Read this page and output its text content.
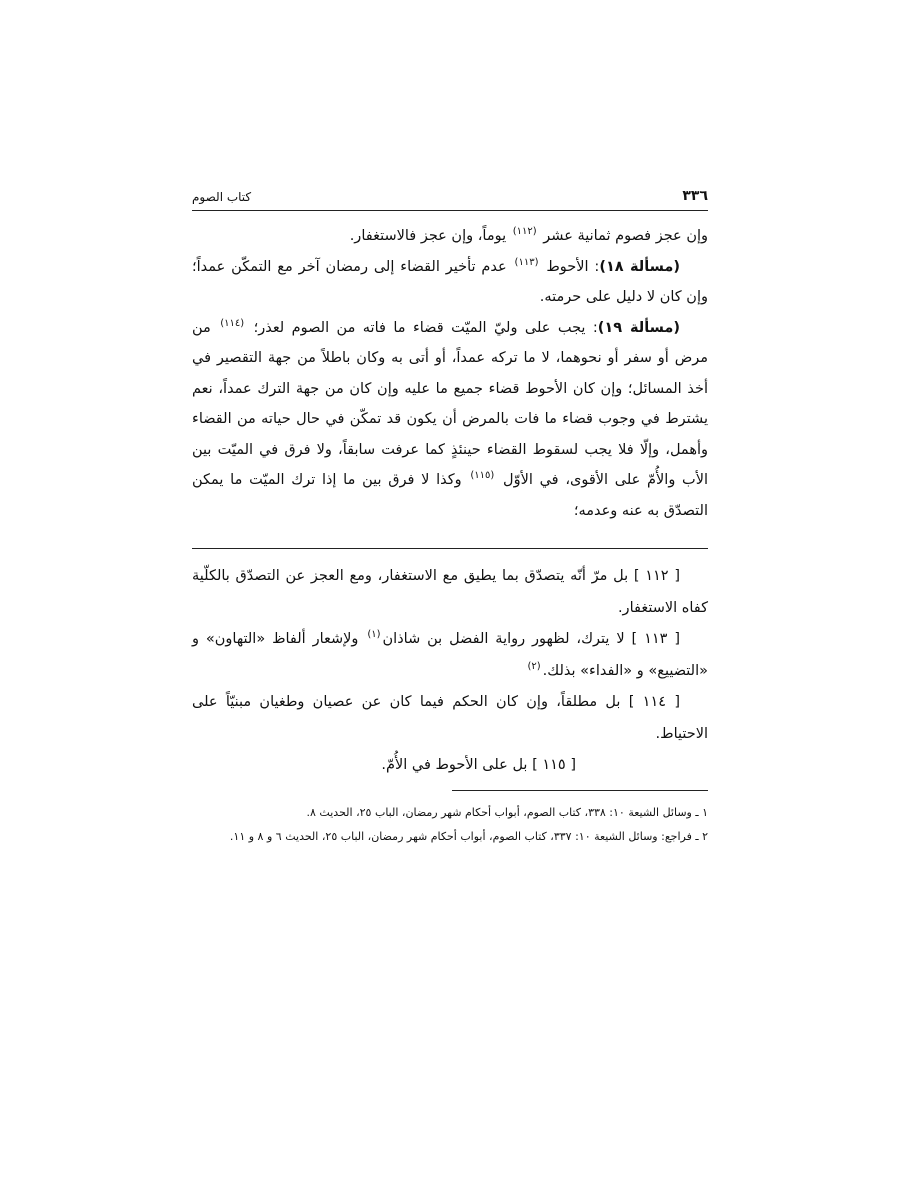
٣٣٦
كتاب الصوم

وإن عجز فصوم ثمانية عشر $^{(١١٢)}$ يوماً، وإن عجز فالاستغفار.

(مسألة ١٨): الأحوط $^{(١١٣)}$ عدم تأخير القضاء إلى رمضان آخر مع التمكّن عمداً؛ وإن كان لا دليل على حرمته.

(مسألة ١٩): يجب على وليّ الميّت قضاء ما فاته من الصوم لعذر؛ $^{(١١٤)}$ من مرض أو سفر أو نحوهما، لا ما تركه عمداً، أو أتى به وكان باطلاً من جهة التقصير في أخذ المسائل؛ وإن كان الأحوط قضاء جميع ما عليه وإن كان من جهة الترك عمداً، نعم يشترط في وجوب قضاء ما فات بالمرض أن يكون قد تمكّن في حال حياته من القضاء وأهمل، وإلّا فلا يجب لسقوط القضاء حينئذٍ كما عرفت سابقاً، ولا فرق في الميّت بين الأب والأُمّ على الأقوى، في الأوّل $^{(١١٥)}$ وكذا لا فرق بين ما إذا ترك الميّت ما يمكن التصدّق به عنه وعدمه؛

[ ١١٢ ] بل مرّ أنّه يتصدّق بما يطيق مع الاستغفار، ومع العجز عن التصدّق بالكلّية كفاه الاستغفار.

[ ١١٣ ] لا يترك، لظهور رواية الفضل بن شاذان$^{(١)}$ ولإشعار ألفاظ «التهاون» و «التضييع» و «الفداء» بذلك.$^{(٢)}$

[ ١١٤ ] بل مطلقاً، وإن كان الحكم فيما كان عن عصيان وطغيان مبنيّاً على الاحتياط.

[ ١١٥ ] بل على الأحوط في الأُمّ.

١ ـ وسائل الشيعة ١٠: ٣٣٨، كتاب الصوم، أبواب أحكام شهر رمضان، الباب ٢٥، الحديث ٨.

٢ ـ فراجع: وسائل الشيعة ١٠: ٣٣٧، كتاب الصوم، أبواب أحكام شهر رمضان، الباب ٢٥، الحديث ٦ و ٨ و ١١.
